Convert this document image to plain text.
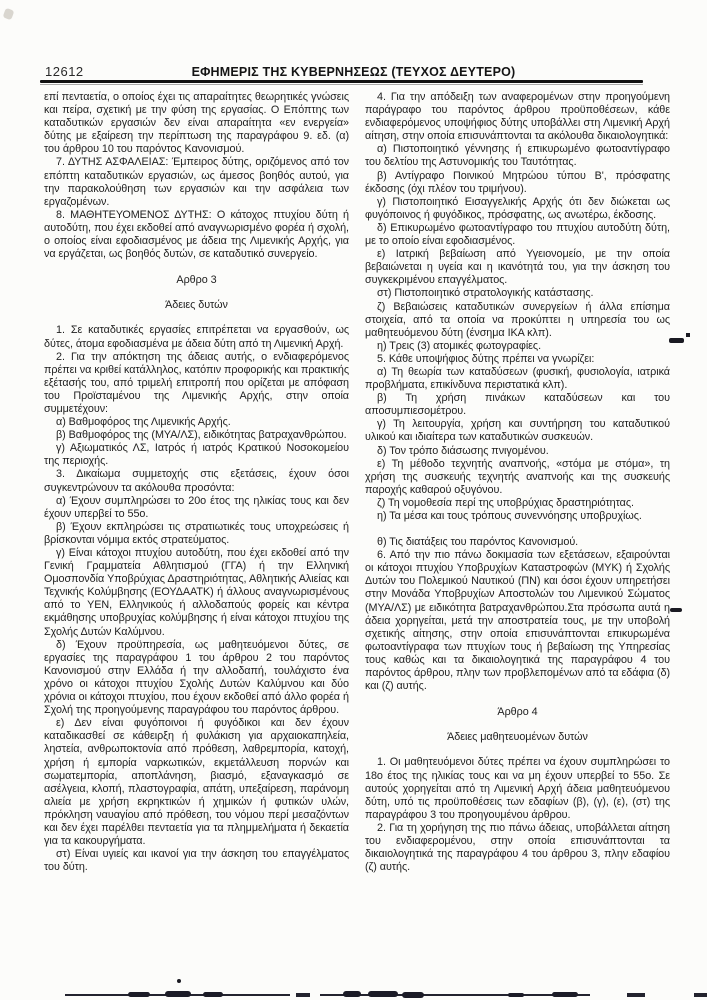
12612	ΕΦΗΜΕΡΙΣ ΤΗΣ ΚΥΒΕΡΝΗΣΕΩΣ (ΤΕΥΧΟΣ ΔΕΥΤΕΡΟ)

επί πενταετία, ο οποίος έχει τις απαραίτητες θεωρητικές γνώσεις και πείρα, σχετική με την φύση της εργασίας. Ο Επόπτης των καταδυτικών εργασιών δεν είναι απαραίτητα «εν ενεργεία» δύτης με εξαίρεση την περίπτωση της παραγράφου 9. εδ. (α) του άρθρου 10 του παρόντος Κανονισμού.

7. ΔΥΤΗΣ ΑΣΦΑΛΕΙΑΣ: Έμπειρος δύτης, οριζόμενος από τον επόπτη καταδυτικών εργασιών, ως άμεσος βοηθός αυτού, για την παρακολούθηση των εργασιών και την ασφάλεια των εργαζομένων.

8. ΜΑΘΗΤΕΥΟΜΕΝΟΣ ΔΥΤΗΣ: Ο κάτοχος πτυχίου δύτη ή αυτοδύτη, που έχει εκδοθεί από αναγνωρισμένο φορέα ή σχολή, ο οποίος είναι εφοδιασμένος με άδεια της Λιμενικής Αρχής, για να εργάζεται, ως βοηθός δυτών, σε καταδυτικό συνεργείο.

Αρθρο 3
Άδειες δυτών

1. Σε καταδυτικές εργασίες επιτρέπεται να εργασθούν, ως δύτες, άτομα εφοδιασμένα με άδεια δύτη από τη Λιμενική Αρχή.

2. Για την απόκτηση της άδειας αυτής, ο ενδιαφερόμενος πρέπει να κριθεί κατάλληλος, κατόπιν προφορικής και πρακτικής εξέτασής του, από τριμελή επιτροπή που ορίζεται με απόφαση του Προϊσταμένου της Λιμενικής Αρχής, στην οποία συμμετέχουν:

α) Βαθμοφόρος της Λιμενικής Αρχής.

β) Βαθμοφόρος της (ΜΥΑ/ΛΣ), ειδικότητας βατραχανθρώπου.

γ) Αξιωματικός ΛΣ, Ιατρός ή ιατρός Κρατικού Νοσοκομείου της περιοχής.

3. Δικαίωμα συμμετοχής στις εξετάσεις, έχουν όσοι συγκεντρώνουν τα ακόλουθα προσόντα:

α) Έχουν συμπληρώσει το 20ο έτος της ηλικίας τους και δεν έχουν υπερβεί το 55ο.

β) Έχουν εκπληρώσει τις στρατιωτικές τους υποχρεώσεις ή βρίσκονται νόμιμα εκτός στρατεύματος.

γ) Είναι κάτοχοι πτυχίου αυτοδύτη, που έχει εκδοθεί από την Γενική Γραμματεία Αθλητισμού (ΓΓΑ) ή την Ελληνική Ομοσπονδία Υποβρύχιας Δραστηριότητας, Αθλητικής Αλιείας και Τεχνικής Κολύμβησης (ΕΟΥΔΑΑΤΚ) ή άλλους αναγνωρισμένους από το ΥΕΝ, Ελληνικούς ή αλλοδαπούς φορείς και κέντρα εκμάθησης υποβρυχίας κολύμβησης ή είναι κάτοχοι πτυχίου της Σχολής Δυτών Καλύμνου.

δ) Έχουν προϋπηρεσία, ως μαθητευόμενοι δύτες, σε εργασίες της παραγράφου 1 του άρθρου 2 του παρόντος Κανονισμού στην Ελλάδα ή την αλλοδαπή, τουλάχιστο ένα χρόνο οι κάτοχοι πτυχίου Σχολής Δυτών Καλύμνου και δύο χρόνια οι κάτοχοι πτυχίου, που έχουν εκδοθεί από άλλο φορέα ή Σχολή της προηγούμενης παραγράφου του παρόντος άρθρου.

ε) Δεν είναι φυγόποινοι ή φυγόδικοι και δεν έχουν καταδικασθεί σε κάθειρξη ή φυλάκιση για αρχαιοκαπηλεία, ληστεία, ανθρωποκτονία από πρόθεση, λαθρεμπορία, κατοχή, χρήση ή εμπορία ναρκωτικών, εκμετάλλευση πορνών και σωματεμπορία, αποπλάνηση, βιασμό, εξαναγκασμό σε ασέλγεια, κλοπή, πλαστογραφία, απάτη, υπεξαίρεση, παράνομη αλιεία με χρήση εκρηκτικών ή χημικών ή φυτικών υλών, πρόκληση ναυαγίου από πρόθεση, του νόμου περί μεσαζόντων και δεν έχει παρέλθει πενταετία για τα πλημμελήματα ή δεκαετία για τα κακουργήματα.

στ) Είναι υγιείς και ικανοί για την άσκηση του επαγγέλματος του δύτη.

4. Για την απόδειξη των αναφερομένων στην προηγούμενη παράγραφο του παρόντος άρθρου προϋποθέσεων, κάθε ενδιαφερόμενος υποψήφιος δύτης υποβάλλει στη Λιμενική Αρχή αίτηση, στην οποία επισυνάπτονται τα ακόλουθα δικαιολογητικά:

α) Πιστοποιητικό γέννησης ή επικυρωμένο φωτοαντίγραφο του δελτίου της Αστυνομικής του Ταυτότητας.

β) Αντίγραφο Ποινικού Μητρώου τύπου Β', πρόσφατης έκδοσης (όχι πλέον του τριμήνου).

γ) Πιστοποιητικό Εισαγγελικής Αρχής ότι δεν διώκεται ως φυγόποινος ή φυγόδικος, πρόσφατης, ως ανωτέρω, έκδοσης.

δ) Επικυρωμένο φωτοαντίγραφο του πτυχίου αυτοδύτη δύτη, με το οποίο είναι εφοδιασμένος.

ε) Ιατρική βεβαίωση από Υγειονομείο, με την οποία βεβαιώνεται η υγεία και η ικανότητά του, για την άσκηση του συγκεκριμένου επαγγέλματος.

στ) Πιστοποιητικό στρατολογικής κατάστασης.

ζ) Βεβαιώσεις καταδυτικών συνεργείων ή άλλα επίσημα στοιχεία, από τα οποία να προκύπτει η υπηρεσία του ως μαθητευόμενου δύτη (ένσημα ΙΚΑ κλπ).

η) Τρεις (3) ατομικές φωτογραφίες.

5. Κάθε υποψήφιος δύτης πρέπει να γνωρίζει:

α) Τη θεωρία των καταδύσεων (φυσική, φυσιολογία, ιατρικά προβλήματα, επικίνδυνα περιστατικά κλπ).

β) Τη χρήση πινάκων καταδύσεων και του αποσυμπιεσομέτρου.

γ) Τη λειτουργία, χρήση και συντήρηση του καταδυτικού υλικού και ιδιαίτερα των καταδυτικών συσκευών.

δ) Τον τρόπο διάσωσης πνιγομένου.

ε) Τη μέθοδο τεχνητής αναπνοής, «στόμα με στόμα», τη χρήση της συσκευής τεχνητής αναπνοής και της συσκευής παροχής καθαρού οξυγόνου.

ζ) Τη νομοθεσία περί της υποβρύχιας δραστηριότητας.

η) Τα μέσα και τους τρόπους συνεννόησης υποβρυχίως.

θ) Τις διατάξεις του παρόντος Κανονισμού.

6. Από την πιο πάνω δοκιμασία των εξετάσεων, εξαιρούνται οι κάτοχοι πτυχίου Υποβρυχίων Καταστροφών (ΜΥΚ) ή Σχολής Δυτών του Πολεμικού Ναυτικού (ΠΝ) και όσοι έχουν υπηρετήσει στην Μονάδα Υποβρυχίων Αποστολών του Λιμενικού Σώματος (ΜΥΑ/ΛΣ) με ειδικότητα βατραχανθρώπου.Στα πρόσωπα αυτά η άδεια χορηγείται, μετά την αποστρατεία τους, με την υποβολή σχετικής αίτησης, στην οποία επισυνάπτονται επικυρωμένα φωτοαντίγραφα των πτυχίων τους ή βεβαίωση της Υπηρεσίας τους καθώς και τα δικαιολογητικά της παραγράφου 4 του παρόντος άρθρου, πλην των προβλεπομένων από τα εδάφια (δ) και (ζ) αυτής.

Άρθρο 4
Άδειες μαθητευομένων δυτών

1. Οι μαθητευόμενοι δύτες πρέπει να έχουν συμπληρώσει το 18ο έτος της ηλικίας τους και να μη έχουν υπερβεί το 55ο. Σε αυτούς χορηγείται από τη Λιμενική Αρχή άδεια μαθητευόμενου δύτη, υπό τις προϋποθέσεις των εδαφίων (β), (γ), (ε), (στ) της παραγράφου 3 του προηγουμένου άρθρου.

2. Για τη χορήγηση της πιο πάνω άδειας, υποβάλλεται αίτηση του ενδιαφερομένου, στην οποία επισυνάπτονται τα δικαιολογητικά της παραγράφου 4 του άρθρου 3, πλην εδαφίου (ζ) αυτής.
